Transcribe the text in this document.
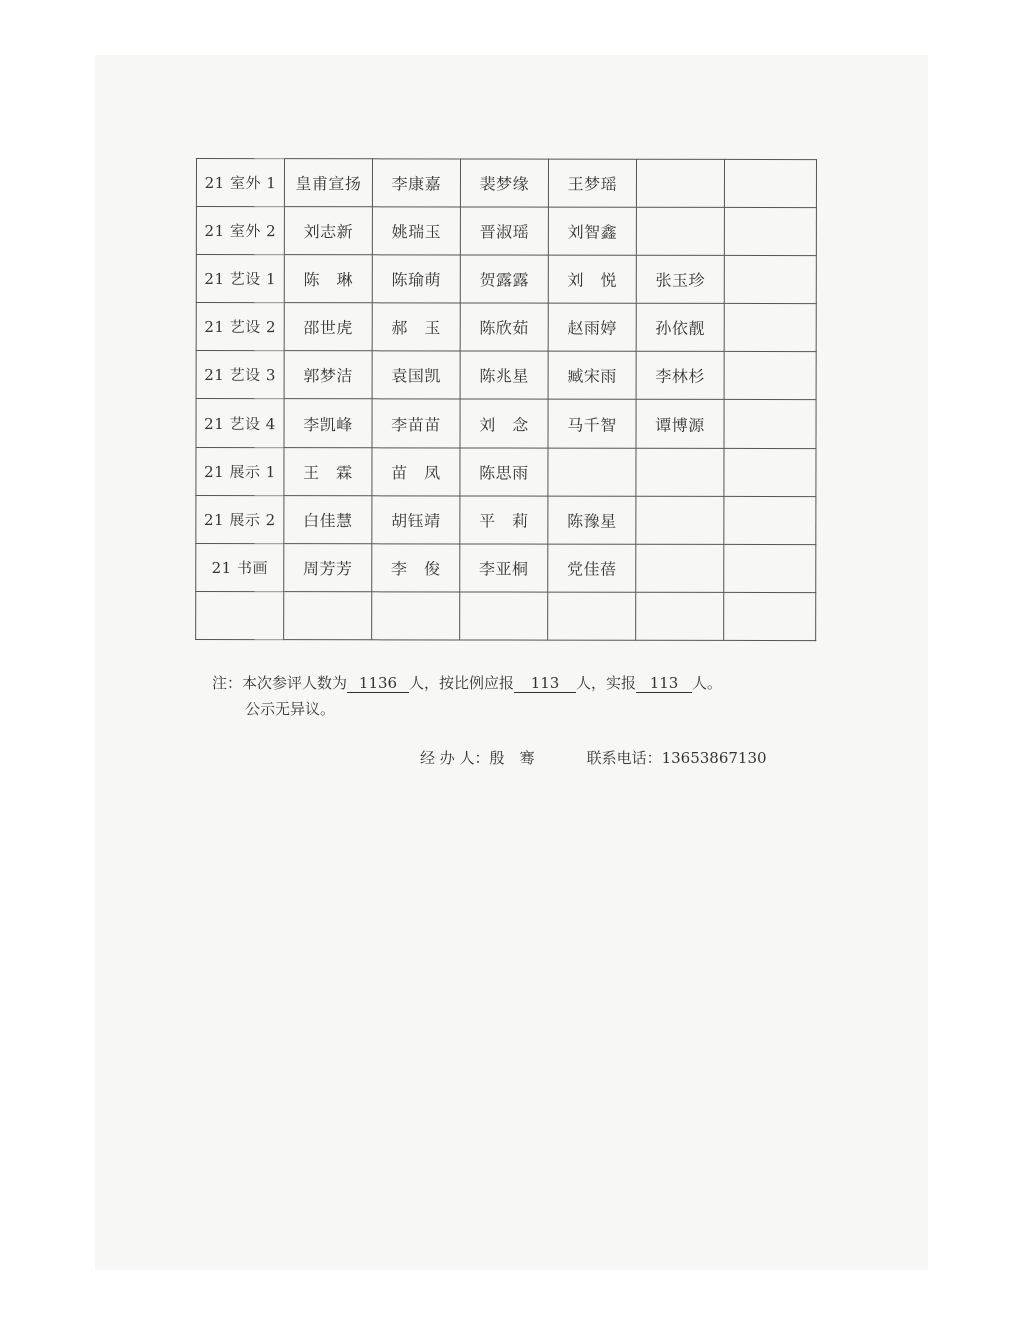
21 室外 1	皇甫宣扬	李康嘉	裴梦缘	王梦瑶		
21 室外 2	刘志新	姚瑞玉	晋淑瑶	刘智鑫		
21 艺设 1	陈　琳	陈瑜萌	贺露露	刘　悦	张玉珍	
21 艺设 2	邵世虎	郝　玉	陈欣茹	赵雨婷	孙依靓	
21 艺设 3	郭梦洁	袁国凯	陈兆星	臧宋雨	李林杉	
21 艺设 4	李凯峰	李苗苗	刘　念	马千智	谭博源	
21 展示 1	王　霖	苗　凤	陈思雨			
21 展示 2	白佳慧	胡钰靖	平　莉	陈豫星		
21 书画	周芳芳	李　俊	李亚桐	党佳蓓		

注：本次参评人数为 1136 人，按比例应报 113 人，实报 113 人。
公示无异议。
经 办 人：殷　骞	联系电话：13653867130
